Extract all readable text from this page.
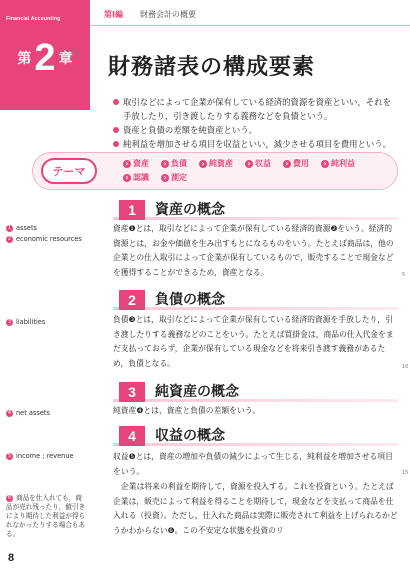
Financial Accounting
第 2 章
第Ⅰ編 財務会計の概要
財務諸表の構成要素
取引などによって企業が保有している経済的資源を資産といい，それを手放したり，引き渡したりする義務などを負債という。
資産と負債の差額を純資産という。
純利益を増加させる項目を収益といい，減少させる項目を費用という。
テーマ
› 資産	› 負債	› 純資産	› 収益	› 費用	› 純利益
› 認識	› 測定
1 assets
2 economic resources
3 liabilities
4 net assets
5 income ; revenue
6 商品を仕入れても，商品が売れ残ったり，値引きにより期待した利益が得られなかったりする場合もある。
1	資産の概念
資産❶とは，取引などによって企業が保有している経済的資源❷をいう。経済的資源とは，お金や価値を生み出すもとになるものをいう。たとえば商品は，他の企業との仕入取引によって企業が保有しているもので，販売することで現金などを獲得することができるため，資産となる。
2	負債の概念
負債❸とは，取引などによって企業が保有している経済的資源を手放したり，引き渡したりする義務などのことをいう。たとえば買掛金は，商品の仕入代金をまだ支払っておらず，企業が保有している現金などを将来引き渡す義務があるため，負債となる。
3	純資産の概念
純資産❹とは，資産と負債の差額をいう。
4	収益の概念
収益❺とは，資産の増加や負債の減少によって生じる，純利益を増加させる項目をいう。
企業は将来の利益を期待して，資源を投入する。これを投資という。たとえば企業は，販売によって利益を得ることを期待して，現金などを支払って商品を仕入れる（投資）。ただし，仕入れた商品は実際に販売されて利益を上げられるかどうかわからない❻。この不安定な状態を投資のリ
5
10
15
8
